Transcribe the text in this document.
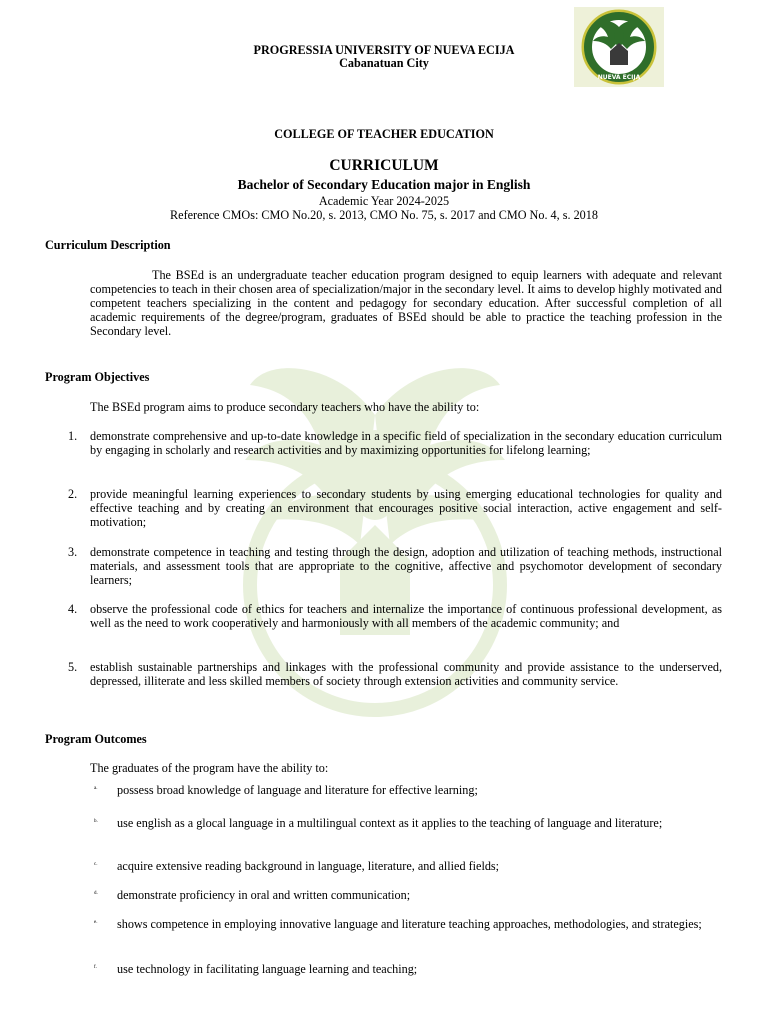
PROGRESSIA UNIVERSITY OF NUEVA ECIJA
Cabanatuan City
NUEVA ECIJA
COLLEGE OF TEACHER EDUCATION
CURRICULUM
Bachelor of Secondary Education major in English
Academic Year 2024-2025
Reference CMOs: CMO No.20, s. 2013, CMO No. 75, s. 2017 and CMO No. 4, s. 2018
Curriculum Description
The BSEd is an undergraduate teacher education program designed to equip learners with adequate and relevant competencies to teach in their chosen area of specialization/major in the secondary level. It aims to develop highly motivated and competent teachers specializing in the content and pedagogy for secondary education. After successful completion of all academic requirements of the degree/program, graduates of BSEd should be able to practice the teaching profession in the Secondary level.
Program Objectives
The BSEd program aims to produce secondary teachers who have the ability to:
1. demonstrate comprehensive and up-to-date knowledge in a specific field of specialization in the secondary education curriculum by engaging in scholarly and research activities and by maximizing opportunities for lifelong learning;
2. provide meaningful learning experiences to secondary students by using emerging educational technologies for quality and effective teaching and by creating an environment that encourages positive social interaction, active engagement and self-motivation;
3. demonstrate competence in teaching and testing through the design, adoption and utilization of teaching methods, instructional materials, and assessment tools that are appropriate to the cognitive, affective and psychomotor development of secondary learners;
4. observe the professional code of ethics for teachers and internalize the importance of continuous professional development, as well as the need to work cooperatively and harmoniously with all members of the academic community; and
5. establish sustainable partnerships and linkages with the professional community and provide assistance to the underserved, depressed, illiterate and less skilled members of society through extension activities and community service.
Program Outcomes
The graduates of the program have the ability to:
a. possess broad knowledge of language and literature for effective learning;
b. use english as a glocal language in a multilingual context as it applies to the teaching of language and literature;
c. acquire extensive reading background in language, literature, and allied fields;
d. demonstrate proficiency in oral and written communication;
e. shows competence in employing innovative language and literature teaching approaches, methodologies, and strategies;
f. use technology in facilitating language learning and teaching;
